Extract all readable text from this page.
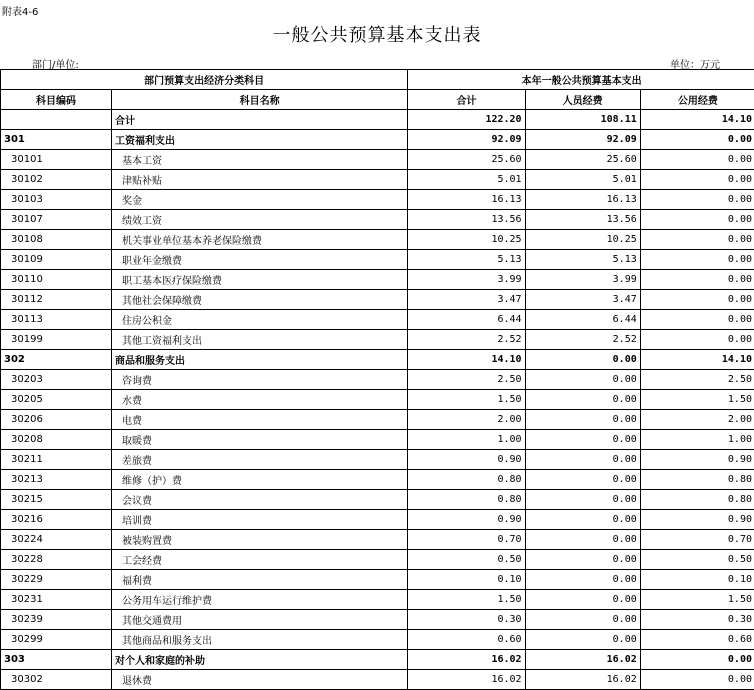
附表4-6
一般公共预算基本支出表
部门/单位:	单位：万元
部门预算支出经济分类科目		本年一般公共预算基本支出		
科目编码	科目名称	合计	人员经费	公用经费
	合计	122.20	108.11	14.10
301	工资福利支出	92.09	92.09	0.00
30101	基本工资	25.60	25.60	0.00
30102	津贴补贴	5.01	5.01	0.00
30103	奖金	16.13	16.13	0.00
30107	绩效工资	13.56	13.56	0.00
30108	机关事业单位基本养老保险缴费	10.25	10.25	0.00
30109	职业年金缴费	5.13	5.13	0.00
30110	职工基本医疗保险缴费	3.99	3.99	0.00
30112	其他社会保障缴费	3.47	3.47	0.00
30113	住房公积金	6.44	6.44	0.00
30199	其他工资福利支出	2.52	2.52	0.00
302	商品和服务支出	14.10	0.00	14.10
30203	咨询费	2.50	0.00	2.50
30205	水费	1.50	0.00	1.50
30206	电费	2.00	0.00	2.00
30208	取暖费	1.00	0.00	1.00
30211	差旅费	0.90	0.00	0.90
30213	维修（护）费	0.80	0.00	0.80
30215	会议费	0.80	0.00	0.80
30216	培训费	0.90	0.00	0.90
30224	被装购置费	0.70	0.00	0.70
30228	工会经费	0.50	0.00	0.50
30229	福利费	0.10	0.00	0.10
30231	公务用车运行维护费	1.50	0.00	1.50
30239	其他交通费用	0.30	0.00	0.30
30299	其他商品和服务支出	0.60	0.00	0.60
303	对个人和家庭的补助	16.02	16.02	0.00
30302	退休费	16.02	16.02	0.00
